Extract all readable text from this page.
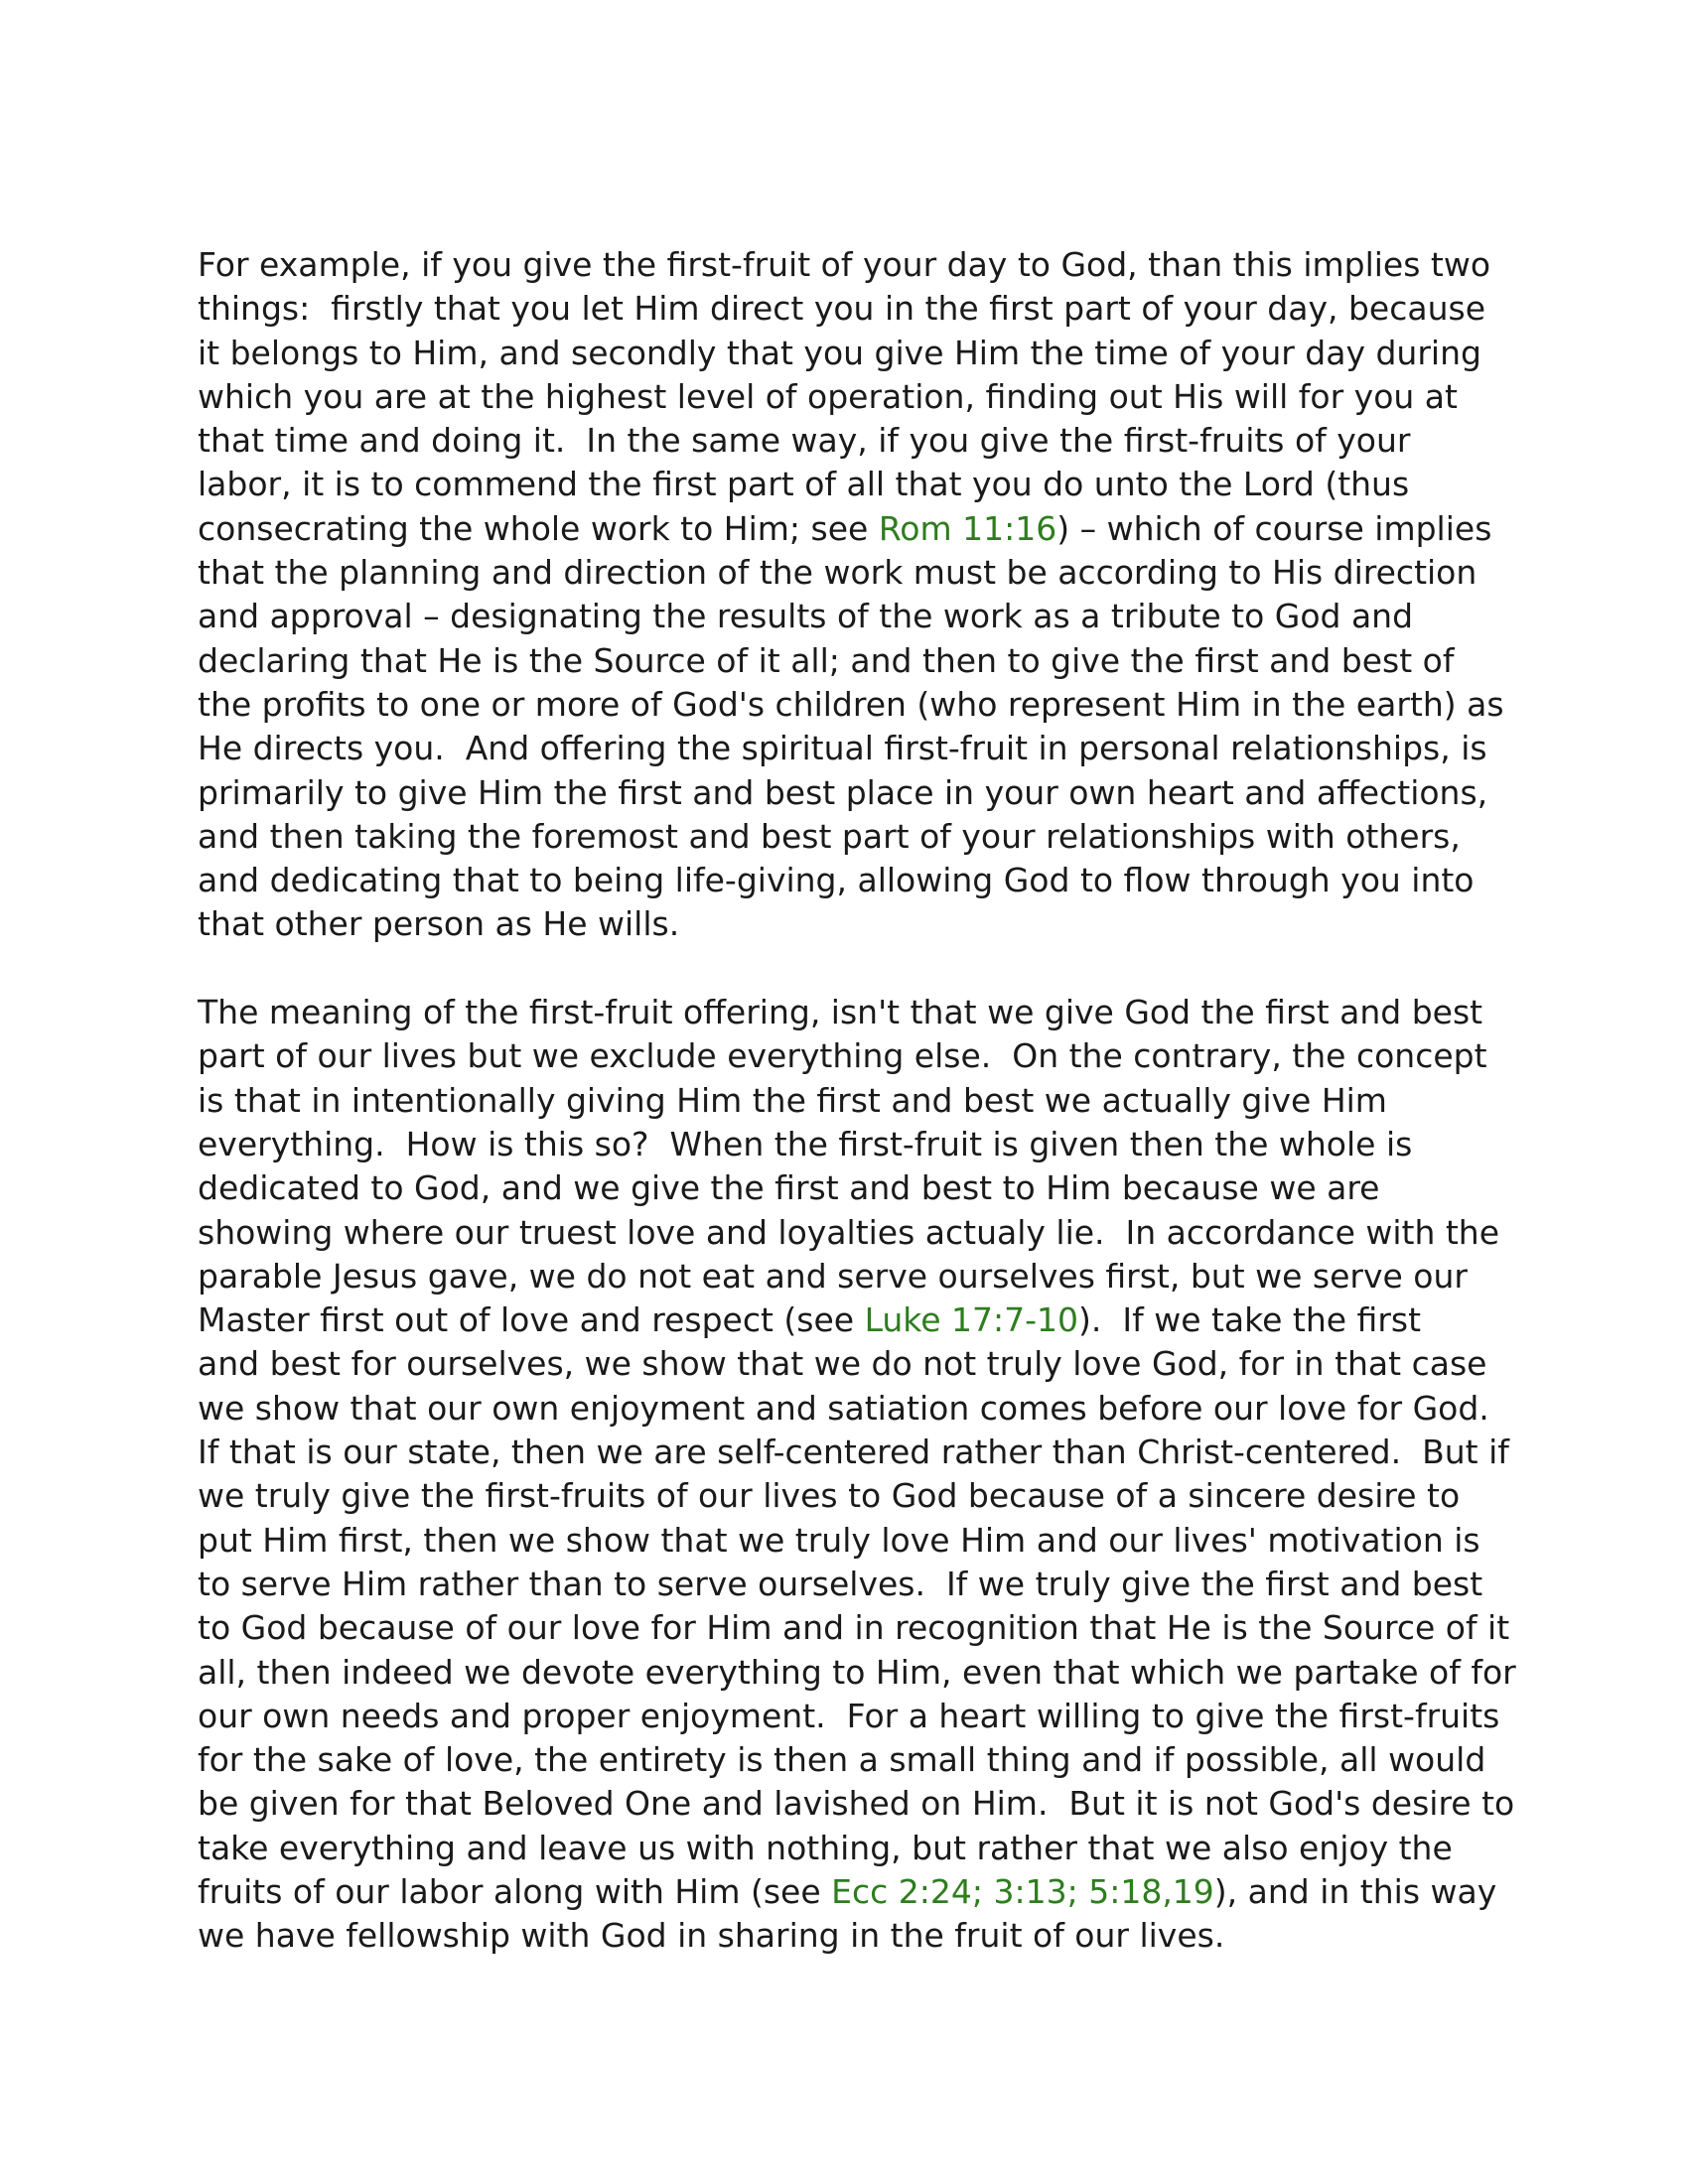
For example, if you give the first-fruit of your day to God, than this implies two
things:  firstly that you let Him direct you in the first part of your day, because
it belongs to Him, and secondly that you give Him the time of your day during
which you are at the highest level of operation, finding out His will for you at
that time and doing it.  In the same way, if you give the first-fruits of your
labor, it is to commend the first part of all that you do unto the Lord (thus
consecrating the whole work to Him; see Rom 11:16) – which of course implies
that the planning and direction of the work must be according to His direction
and approval – designating the results of the work as a tribute to God and
declaring that He is the Source of it all; and then to give the first and best of
the profits to one or more of God's children (who represent Him in the earth) as
He directs you.  And offering the spiritual first-fruit in personal relationships, is
primarily to give Him the first and best place in your own heart and affections,
and then taking the foremost and best part of your relationships with others,
and dedicating that to being life-giving, allowing God to flow through you into
that other person as He wills.
The meaning of the first-fruit offering, isn't that we give God the first and best
part of our lives but we exclude everything else.  On the contrary, the concept
is that in intentionally giving Him the first and best we actually give Him
everything.  How is this so?  When the first-fruit is given then the whole is
dedicated to God, and we give the first and best to Him because we are
showing where our truest love and loyalties actualy lie.  In accordance with the
parable Jesus gave, we do not eat and serve ourselves first, but we serve our
Master first out of love and respect (see Luke 17:7-10).  If we take the first
and best for ourselves, we show that we do not truly love God, for in that case
we show that our own enjoyment and satiation comes before our love for God.
If that is our state, then we are self-centered rather than Christ-centered.  But if
we truly give the first-fruits of our lives to God because of a sincere desire to
put Him first, then we show that we truly love Him and our lives' motivation is
to serve Him rather than to serve ourselves.  If we truly give the first and best
to God because of our love for Him and in recognition that He is the Source of it
all, then indeed we devote everything to Him, even that which we partake of for
our own needs and proper enjoyment.  For a heart willing to give the first-fruits
for the sake of love, the entirety is then a small thing and if possible, all would
be given for that Beloved One and lavished on Him.  But it is not God's desire to
take everything and leave us with nothing, but rather that we also enjoy the
fruits of our labor along with Him (see Ecc 2:24; 3:13; 5:18,19), and in this way
we have fellowship with God in sharing in the fruit of our lives.
